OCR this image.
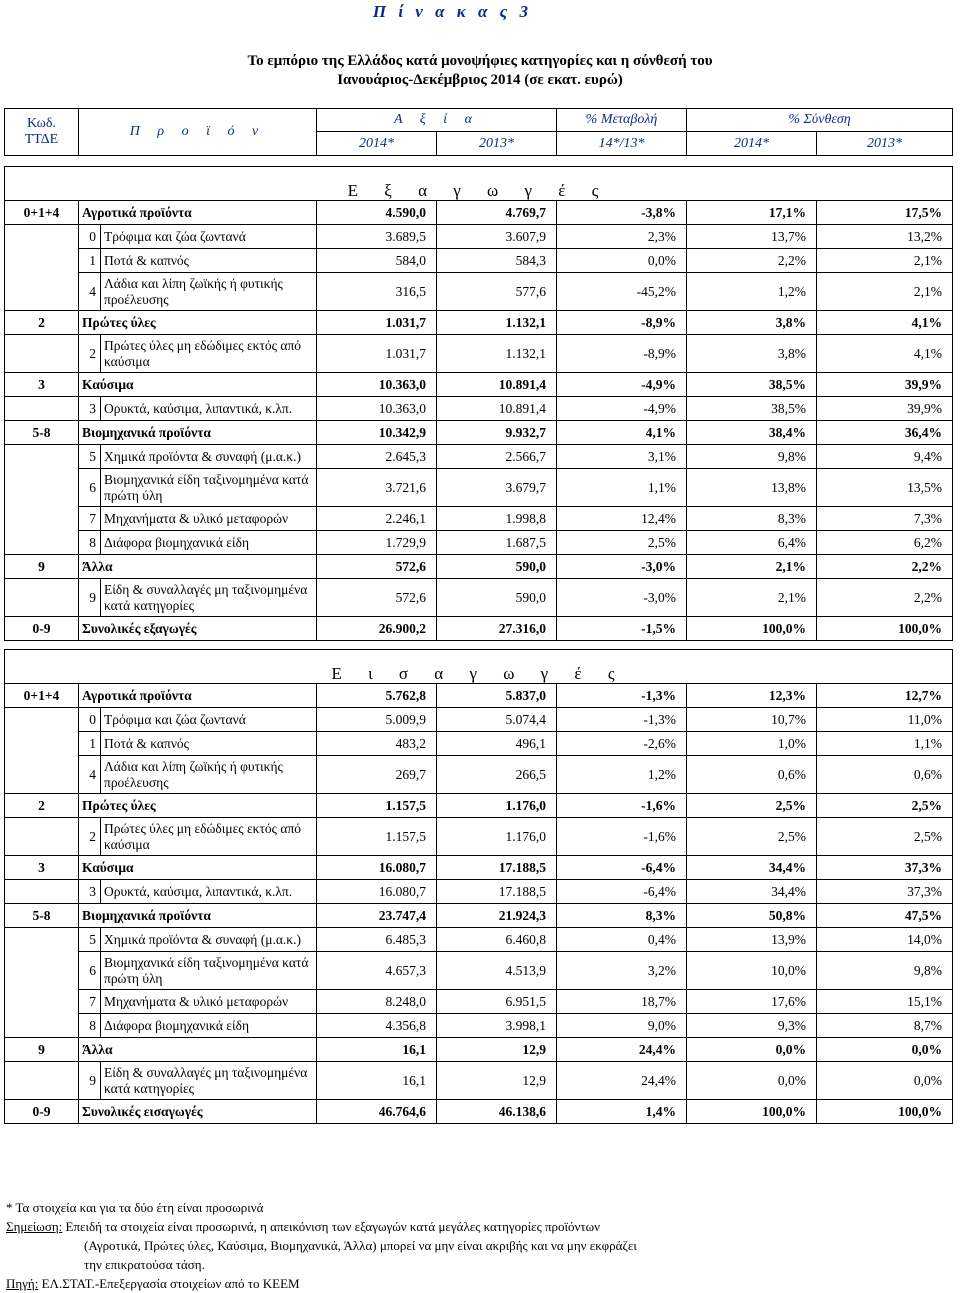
Π ί ν α κ α ς 3
Το εμπόριο της Ελλάδος κατά μονοψήφιες κατηγορίες και η σύνθεσή του
Ιανουάριος-Δεκέμβριος 2014 (σε εκατ. ευρώ)
Κωδ.
ΤΤΔΕ	Π ρ ο ϊ ό ν		Α ξ ί α		% Μεταβολή	% Σύνθεση	
			2014*	2013*	14*/13*	2014*	2013*

Ε ξ α γ ω γ έ ς							
0+1+4	Αγροτικά προϊόντα		4.590,0	4.769,7	-3,8%	17,1%	17,5%
	0	Τρόφιμα και ζώα ζωντανά	3.689,5	3.607,9	2,3%	13,7%	13,2%
	1	Ποτά & καπνός	584,0	584,3	0,0%	2,2%	2,1%
	4	Λάδια και λίπη ζωϊκής ή φυτικής προέλευσης	316,5	577,6	-45,2%	1,2%	2,1%
2	Πρώτες ύλες		1.031,7	1.132,1	-8,9%	3,8%	4,1%
	2	Πρώτες ύλες μη εδώδιμες εκτός από καύσιμα	1.031,7	1.132,1	-8,9%	3,8%	4,1%
3	Καύσιμα		10.363,0	10.891,4	-4,9%	38,5%	39,9%
	3	Ορυκτά, καύσιμα, λιπαντικά, κ.λπ.	10.363,0	10.891,4	-4,9%	38,5%	39,9%
5-8	Βιομηχανικά προϊόντα		10.342,9	9.932,7	4,1%	38,4%	36,4%
	5	Χημικά προϊόντα & συναφή (μ.α.κ.)	2.645,3	2.566,7	3,1%	9,8%	9,4%
	6	Βιομηχανικά είδη ταξινομημένα κατά πρώτη ύλη	3.721,6	3.679,7	1,1%	13,8%	13,5%
	7	Μηχανήματα & υλικό μεταφορών	2.246,1	1.998,8	12,4%	8,3%	7,3%
	8	Διάφορα βιομηχανικά είδη	1.729,9	1.687,5	2,5%	6,4%	6,2%
9	Άλλα		572,6	590,0	-3,0%	2,1%	2,2%
	9	Είδη & συναλλαγές μη ταξινομημένα κατά κατηγορίες	572,6	590,0	-3,0%	2,1%	2,2%
0-9	Συνολικές εξαγωγές		26.900,2	27.316,0	-1,5%	100,0%	100,0%

Ε ι σ α γ ω γ έ ς							
0+1+4	Αγροτικά προϊόντα		5.762,8	5.837,0	-1,3%	12,3%	12,7%
	0	Τρόφιμα και ζώα ζωντανά	5.009,9	5.074,4	-1,3%	10,7%	11,0%
	1	Ποτά & καπνός	483,2	496,1	-2,6%	1,0%	1,1%
	4	Λάδια και λίπη ζωϊκής ή φυτικής προέλευσης	269,7	266,5	1,2%	0,6%	0,6%
2	Πρώτες ύλες		1.157,5	1.176,0	-1,6%	2,5%	2,5%
	2	Πρώτες ύλες μη εδώδιμες εκτός από καύσιμα	1.157,5	1.176,0	-1,6%	2,5%	2,5%
3	Καύσιμα		16.080,7	17.188,5	-6,4%	34,4%	37,3%
	3	Ορυκτά, καύσιμα, λιπαντικά, κ.λπ.	16.080,7	17.188,5	-6,4%	34,4%	37,3%
5-8	Βιομηχανικά προϊόντα		23.747,4	21.924,3	8,3%	50,8%	47,5%
	5	Χημικά προϊόντα & συναφή (μ.α.κ.)	6.485,3	6.460,8	0,4%	13,9%	14,0%
	6	Βιομηχανικά είδη ταξινομημένα κατά πρώτη ύλη	4.657,3	4.513,9	3,2%	10,0%	9,8%
	7	Μηχανήματα & υλικό μεταφορών	8.248,0	6.951,5	18,7%	17,6%	15,1%
	8	Διάφορα βιομηχανικά είδη	4.356,8	3.998,1	9,0%	9,3%	8,7%
9	Άλλα		16,1	12,9	24,4%	0,0%	0,0%
	9	Είδη & συναλλαγές μη ταξινομημένα κατά κατηγορίες	16,1	12,9	24,4%	0,0%	0,0%
0-9	Συνολικές εισαγωγές		46.764,6	46.138,6	1,4%	100,0%	100,0%
* Τα στοιχεία και για τα δύο έτη είναι προσωρινά
Σημείωση: Επειδή τα στοιχεία είναι προσωρινά, η απεικόνιση των εξαγωγών κατά μεγάλες κατηγορίες προϊόντων
(Αγροτικά, Πρώτες ύλες, Καύσιμα, Βιομηχανικά, Άλλα) μπορεί να μην είναι ακριβής και να μην εκφράζει
την επικρατούσα τάση.
Πηγή: ΕΛ.ΣΤΑΤ.-Επεξεργασία στοιχείων από το ΚΕΕΜ
